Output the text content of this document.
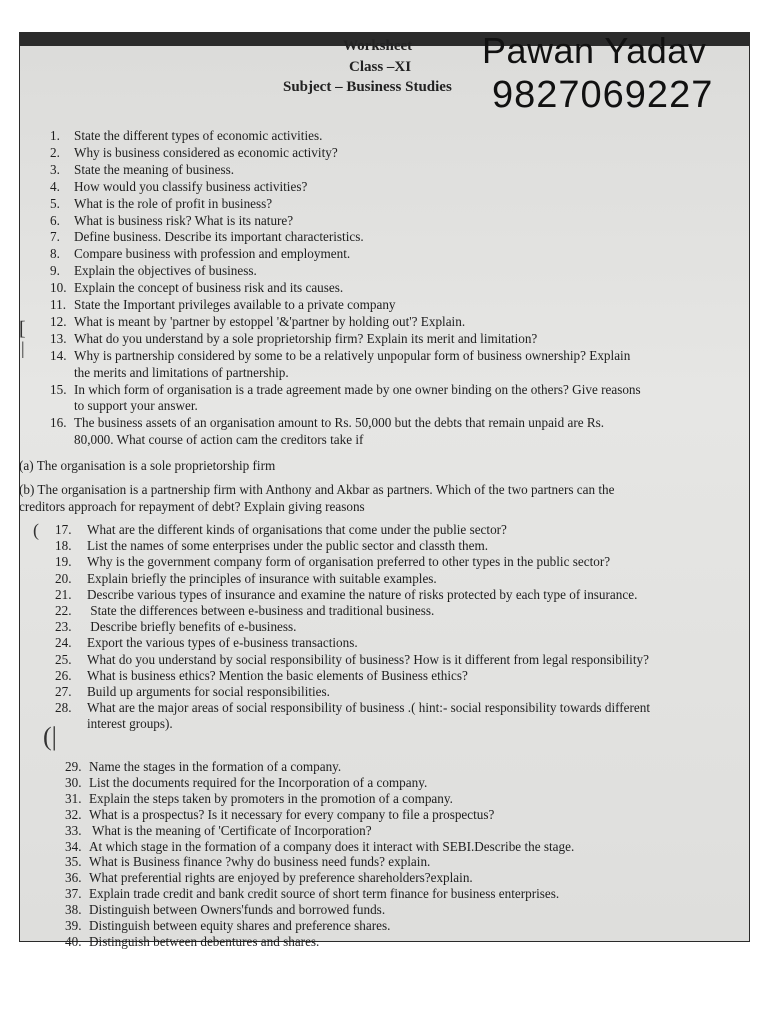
Worksheet
Class –XI
Subject – Business Studies
Pawan Yadav
9827069227
1. State the different types of economic activities.
2. Why is business considered as economic activity?
3. State the meaning of business.
4. How would you classify business activities?
5. What is the role of profit in business?
6. What is business risk? What is its nature?
7. Define business. Describe its important characteristics.
8. Compare business with profession and employment.
9. Explain the objectives of business.
10. Explain the concept of business risk and its causes.
11. State the Important privileges available to a private company
12. What is meant by 'partner by estoppel '&'partner by holding out'? Explain.
13. What do you understand by a sole proprietorship firm? Explain its merit and limitation?
14. Why is partnership considered by some to be a relatively unpopular form of business ownership? Explain
the merits and limitations of partnership.
15. In which form of organisation is a trade agreement made by one owner binding on the others? Give reasons
to support your answer.
16. The business assets of an organisation amount to Rs. 50,000 but the debts that remain unpaid are Rs.
80,000. What course of action cam the creditors take if
(a) The organisation is a sole proprietorship firm
(b) The organisation is a partnership firm with Anthony and Akbar as partners. Which of the two partners can the
creditors approach for repayment of debt? Explain giving reasons
17. What are the different kinds of organisations that come under the publie sector?
18. List the names of some enterprises under the public sector and classth them.
19. Why is the government company form of organisation preferred to other types in the public sector?
20. Explain briefly the principles of insurance with suitable examples.
21. Describe various types of insurance and examine the nature of risks protected by each type of insurance.
22. State the differences between e-business and traditional business.
23. Describe briefly benefits of e-business.
24. Export the various types of e-business transactions.
25. What do you understand by social responsibility of business? How is it different from legal responsibility?
26. What is business ethics? Mention the basic elements of Business ethics?
27. Build up arguments for social responsibilities.
28. What are the major areas of social responsibility of business .( hint:- social responsibility towards different
interest groups).
29. Name the stages in the formation of a company.
30. List the documents required for the Incorporation of a company.
31. Explain the steps taken by promoters in the promotion of a company.
32. What is a prospectus? Is it necessary for every company to file a prospectus?
33. What is the meaning of 'Certificate of Incorporation?
34. At which stage in the formation of a company does it interact with SEBI.Describe the stage.
35. What is Business finance ?why do business need funds? explain.
36. What preferential rights are enjoyed by preference shareholders?explain.
37. Explain trade credit and bank credit source of short term finance for business enterprises.
38. Distinguish between Owners'funds and borrowed funds.
39. Distinguish between equity shares and preference shares.
40. Distinguish between debentures and shares.
[
|
(
(|
